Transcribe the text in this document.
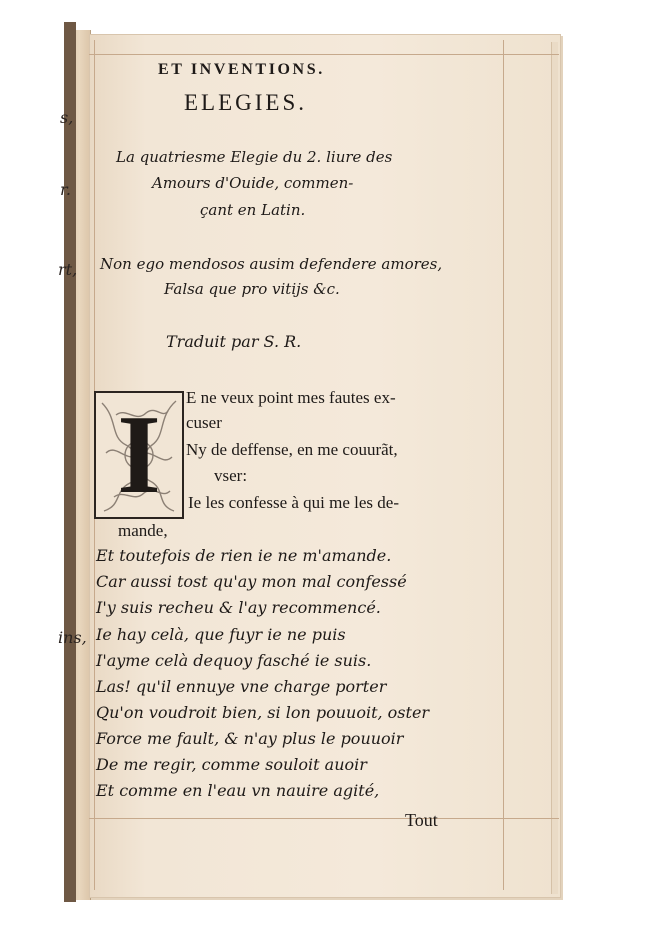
s,
r.
rt,
ins,
ET INVENTIONS.
ELEGIES.
La quatriesme Elegie du 2. liure des
Amours d'Ouide, commen-
çant en Latin.
Non ego mendosos ausim defendere amores,
Falsa que pro vitijs &c.
Traduit par S. R.
I	E ne veux point mes fautes ex-
cuser
Ny de deffense, en me couurãt,
vser:
Ie les confesse à qui me les de-
mande,
Et toutefois de rien ie ne m'amande.
Car aussi tost qu'ay mon mal confessé
I'y suis recheu & l'ay recommencé.
Ie hay celà, que fuyr ie ne puis
I'ayme celà dequoy fasché ie suis.
Las! qu'il ennuye vne charge porter
Qu'on voudroit bien, si lon pouuoit, oster
Force me fault, & n'ay plus le pouuoir
De me regir, comme souloit auoir
Et comme en l'eau vn nauire agité,
Tout
